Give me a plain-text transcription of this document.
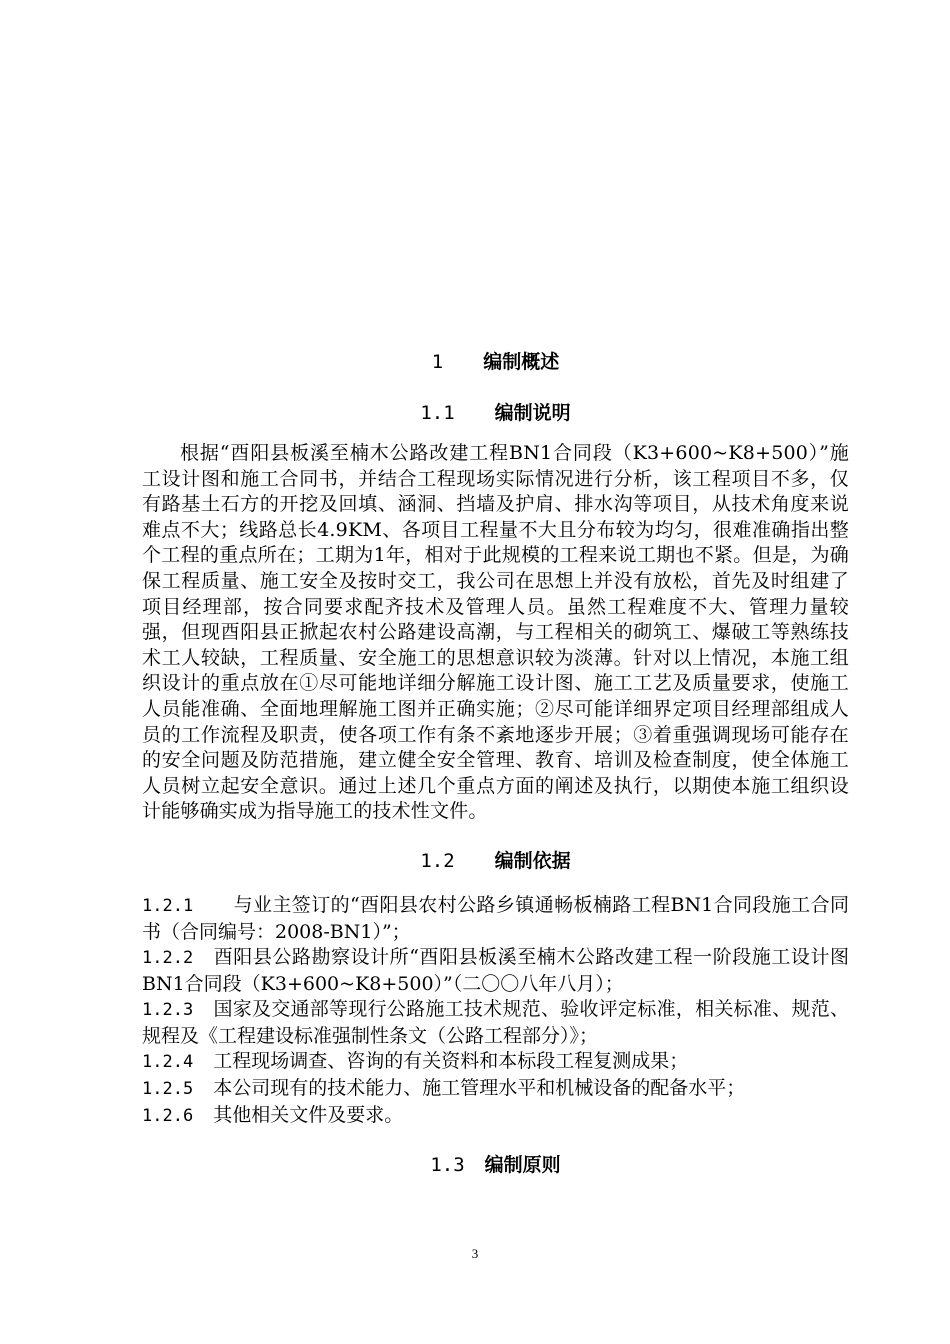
1 编制概述
1.1 编制说明
根据“酉阳县板溪至楠木公路改建工程BN1合同段（K3+600~K8+500）”施工设计图和施工合同书，并结合工程现场实际情况进行分析，该工程项目不多，仅有路基土石方的开挖及回填、涵洞、挡墙及护肩、排水沟等项目，从技术角度来说难点不大；线路总长4.9KM、各项目工程量不大且分布较为均匀，很难准确指出整个工程的重点所在；工期为1年，相对于此规模的工程来说工期也不紧。但是，为确保工程质量、施工安全及按时交工，我公司在思想上并没有放松，首先及时组建了项目经理部，按合同要求配齐技术及管理人员。虽然工程难度不大、管理力量较强，但现酉阳县正掀起农村公路建设高潮，与工程相关的砌筑工、爆破工等熟练技术工人较缺，工程质量、安全施工的思想意识较为淡薄。针对以上情况，本施工组织设计的重点放在①尽可能地详细分解施工设计图、施工工艺及质量要求，使施工人员能准确、全面地理解施工图并正确实施；②尽可能详细界定项目经理部组成人员的工作流程及职责，使各项工作有条不紊地逐步开展；③着重强调现场可能存在的安全问题及防范措施，建立健全安全管理、教育、培训及检查制度，使全体施工人员树立起安全意识。通过上述几个重点方面的阐述及执行，以期使本施工组织设计能够确实成为指导施工的技术性文件。
1.2 编制依据
1.2.1 与业主签订的“酉阳县农村公路乡镇通畅板楠路工程BN1合同段施工合同书（合同编号：2008-BN1）”；
1.2.2 酉阳县公路勘察设计所“酉阳县板溪至楠木公路改建工程一阶段施工设计图 BN1合同段（K3+600~K8+500）”（二〇〇八年八月）；
1.2.3 国家及交通部等现行公路施工技术规范、验收评定标准，相关标准、规范、规程及《工程建设标准强制性条文（公路工程部分）》；
1.2.4 工程现场调查、咨询的有关资料和本标段工程复测成果；
1.2.5 本公司现有的技术能力、施工管理水平和机械设备的配备水平；
1.2.6 其他相关文件及要求。
1.3 编制原则
3
